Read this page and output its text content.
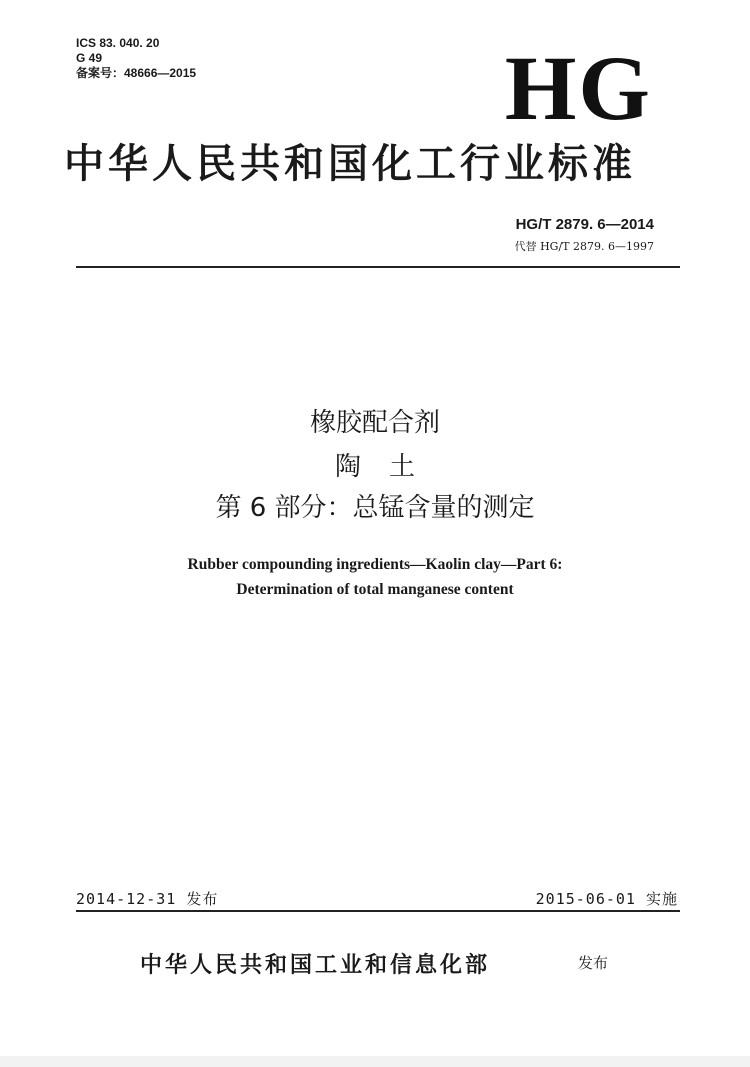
ICS 83. 040. 20
G 49
备案号：48666—2015	HG
中华人民共和国化工行业标准
HG/T 2879. 6—2014
代替 HG/T 2879. 6—1997
橡胶配合剂
陶土
第 6 部分：总锰含量的测定
Rubber compounding ingredients—Kaolin clay—Part 6:
Determination of total manganese content
2014-12-31 发布	2015-06-01 实施
中华人民共和国工业和信息化部	发布
